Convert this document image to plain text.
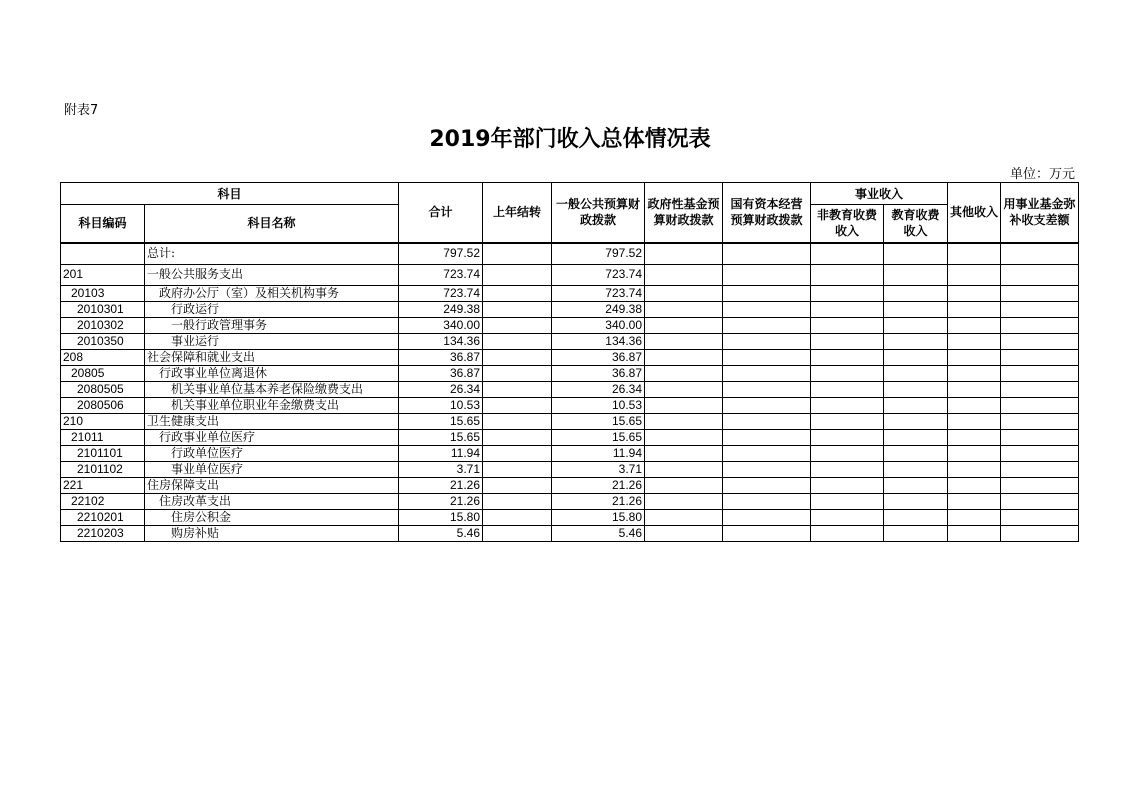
附表7
2019年部门收入总体情况表
单位：万元
科目		合计	上年结转	一般公共预算财政拨款	政府性基金预算财政拨款	国有资本经营预算财政拨款	事业收入		其他收入	用事业基金弥补收支差额
科目编码	科目名称						非教育收费收入	教育收费收入		
	总计:	797.52		797.52						
201	一般公共服务支出	723.74		723.74						
20103	政府办公厅（室）及相关机构事务	723.74		723.74						
2010301	行政运行	249.38		249.38						
2010302	一般行政管理事务	340.00		340.00						
2010350	事业运行	134.36		134.36						
208	社会保障和就业支出	36.87		36.87						
20805	行政事业单位离退休	36.87		36.87						
2080505	机关事业单位基本养老保险缴费支出	26.34		26.34						
2080506	机关事业单位职业年金缴费支出	10.53		10.53						
210	卫生健康支出	15.65		15.65						
21011	行政事业单位医疗	15.65		15.65						
2101101	行政单位医疗	11.94		11.94						
2101102	事业单位医疗	3.71		3.71						
221	住房保障支出	21.26		21.26						
22102	住房改革支出	21.26		21.26						
2210201	住房公积金	15.80		15.80						
2210203	购房补贴	5.46		5.46						
